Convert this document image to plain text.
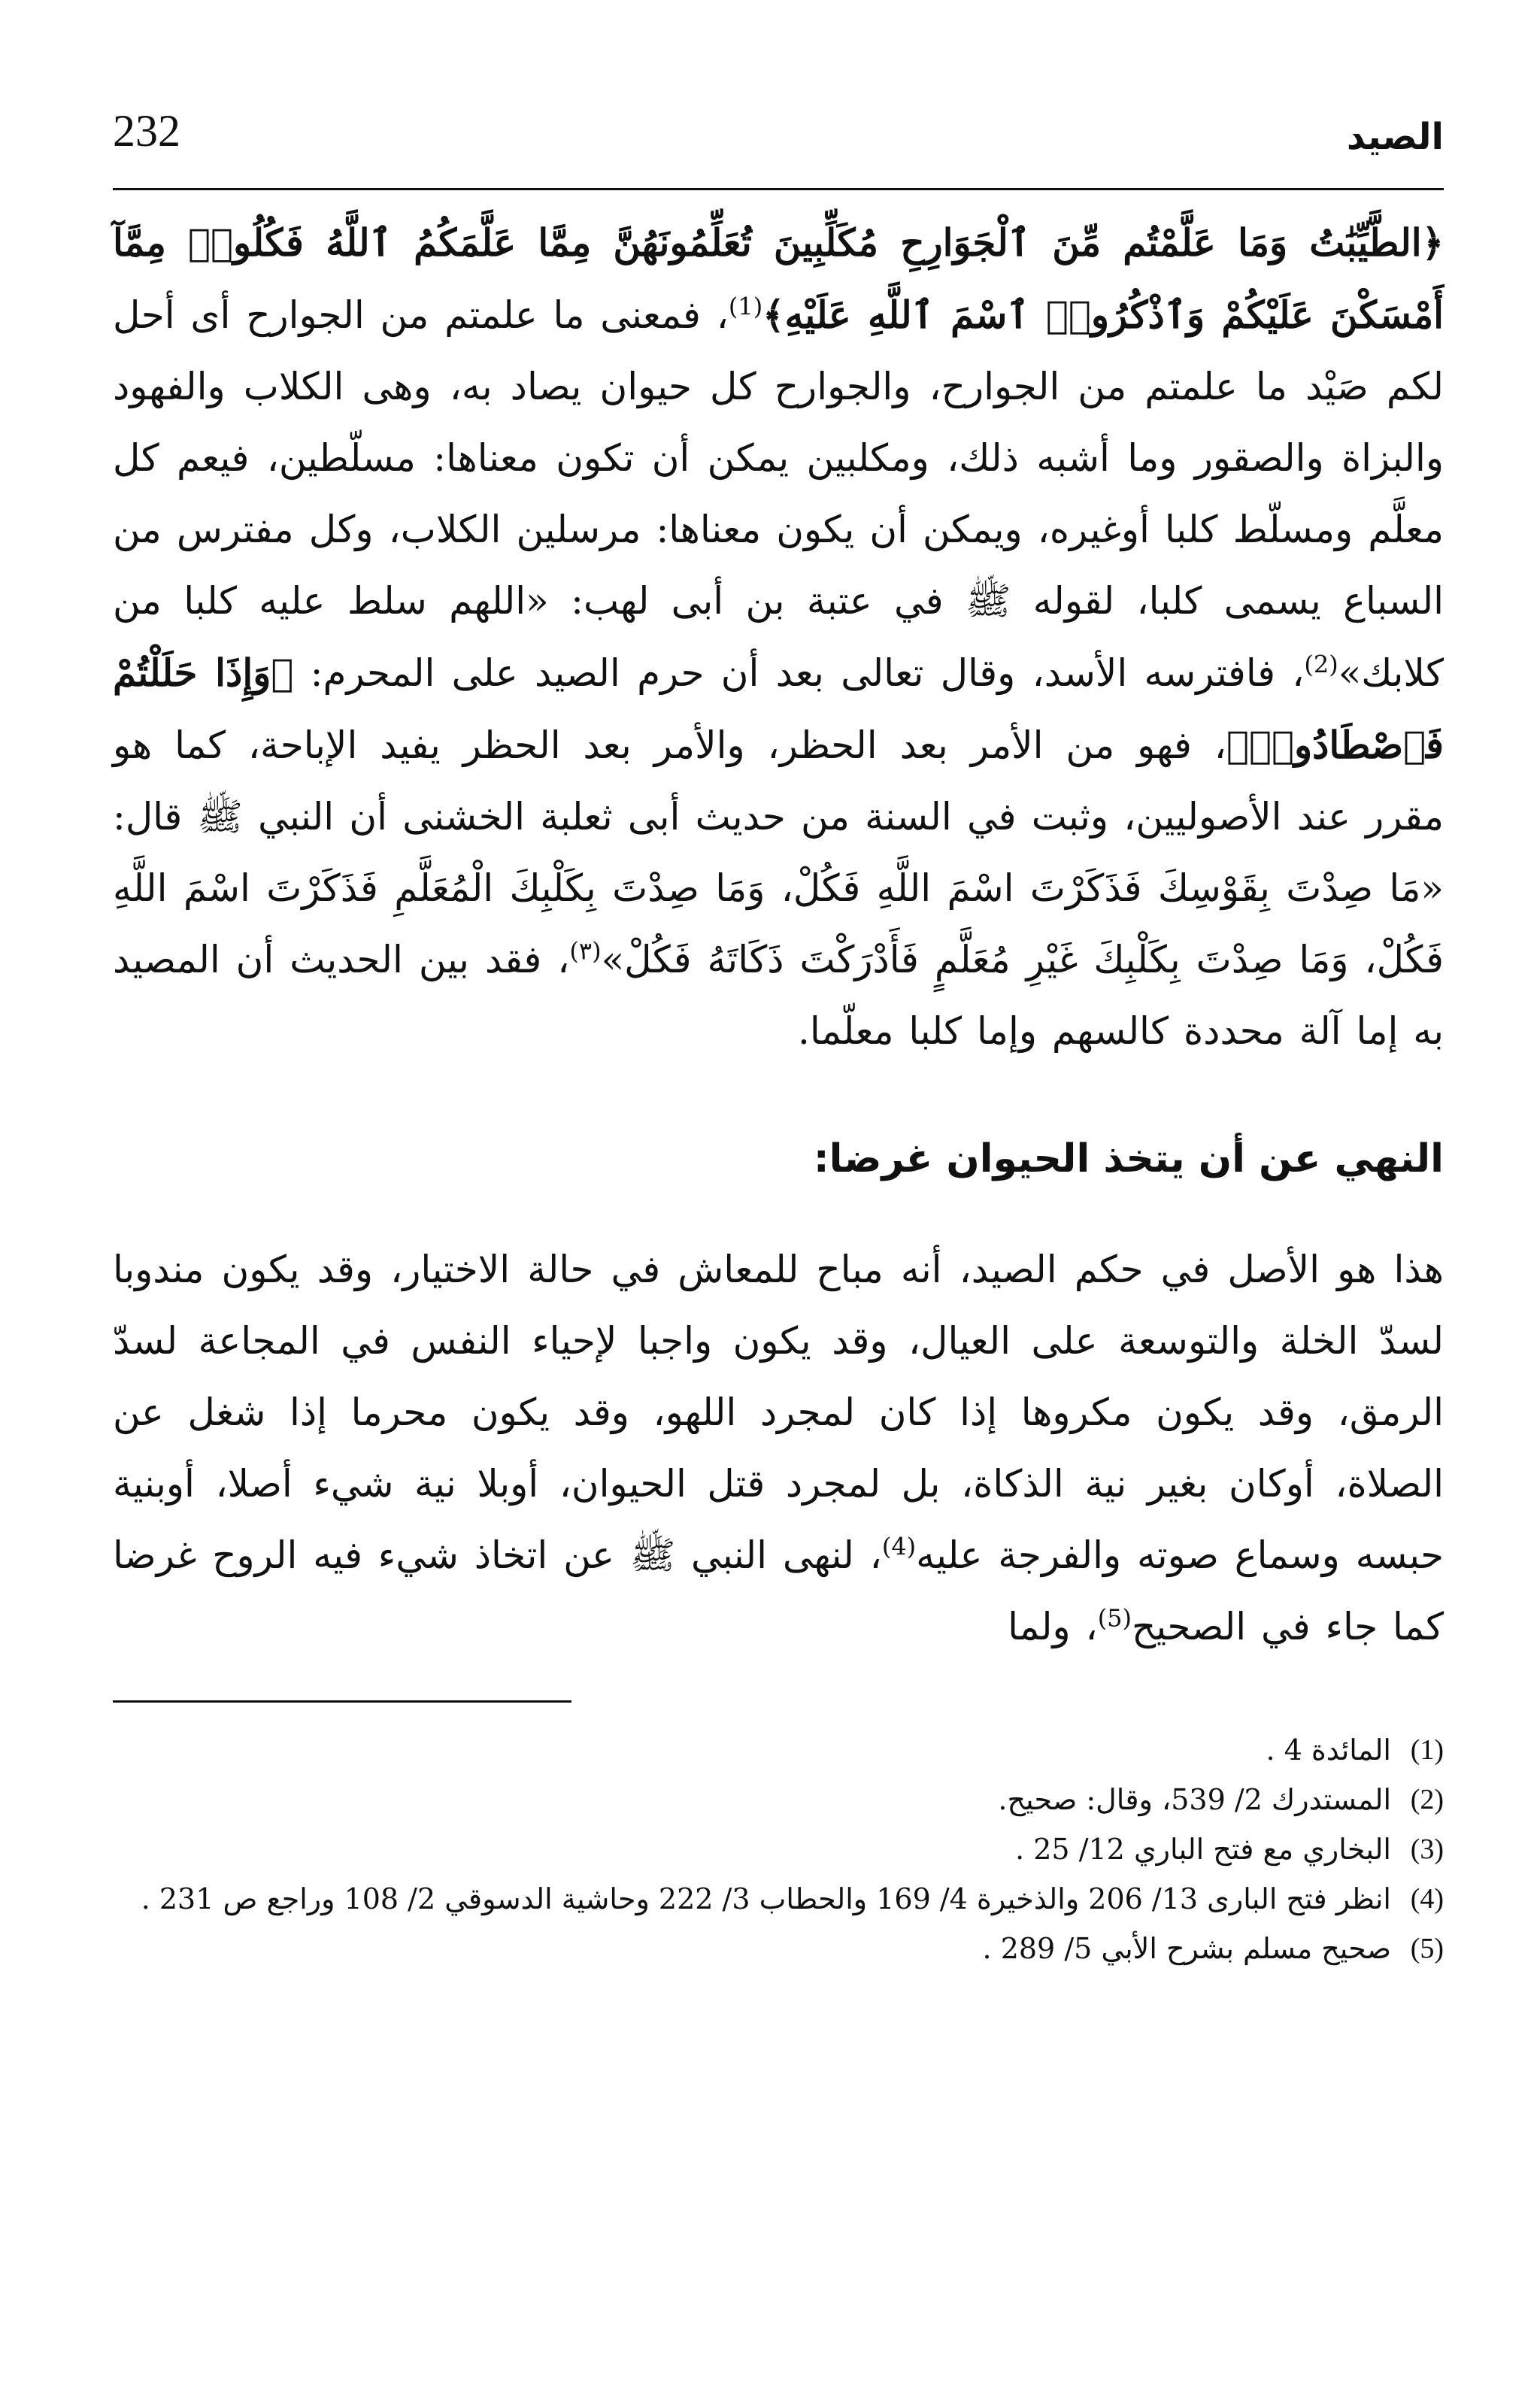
الصيد
232

﴿الطَّيِّبَٰتُ وَمَا عَلَّمْتُم مِّنَ ٱلْجَوَارِحِ مُكَلِّبِينَ تُعَلِّمُونَهُنَّ مِمَّا عَلَّمَكُمُ ٱللَّهُ فَكُلُوا۟ مِمَّآ أَمْسَكْنَ عَلَيْكُمْ وَٱذْكُرُوا۟ ٱسْمَ ٱللَّهِ عَلَيْهِ﴾$^{(1)}$، فمعنى ما علمتم من الجوارح أى أحل لكم صَيْد ما علمتم من الجوارح، والجوارح كل حيوان يصاد به، وهى الكلاب والفهود والبزاة والصقور وما أشبه ذلك، ومكلبين يمكن أن تكون معناها: مسلّطين، فيعم كل معلَّم ومسلّط كلبا أوغيره، ويمكن أن يكون معناها: مرسلين الكلاب، وكل مفترس من السباع يسمى كلبا، لقوله ﷺ في عتبة بن أبى لهب: «اللهم سلط عليه كلبا من كلابك»$^{(2)}$، فافترسه الأسد، وقال تعالى بعد أن حرم الصيد على المحرم: ﴿وَإِذَا حَلَلْتُمْ فَٱصْطَادُوا۟﴾، فهو من الأمر بعد الحظر، والأمر بعد الحظر يفيد الإباحة، كما هو مقرر عند الأصوليين، وثبت في السنة من حديث أبى ثعلبة الخشنى أن النبي ﷺ قال: «مَا صِدْتَ بِقَوْسِكَ فَذَكَرْتَ اسْمَ اللَّهِ فَكُلْ، وَمَا صِدْتَ بِكَلْبِكَ الْمُعَلَّمِ فَذَكَرْتَ اسْمَ اللَّهِ فَكُلْ، وَمَا صِدْتَ بِكَلْبِكَ غَيْرِ مُعَلَّمٍ فَأَدْرَكْتَ ذَكَاتَهُ فَكُلْ»$^{(٣)}$، فقد بين الحديث أن المصيد به إما آلة محددة كالسهم وإما كلبا معلّما.

النهي عن أن يتخذ الحيوان غرضا:

هذا هو الأصل في حكم الصيد، أنه مباح للمعاش في حالة الاختيار، وقد يكون مندوبا لسدّ الخلة والتوسعة على العيال، وقد يكون واجبا لإحياء النفس في المجاعة لسدّ الرمق، وقد يكون مكروها إذا كان لمجرد اللهو، وقد يكون محرما إذا شغل عن الصلاة، أوكان بغير نية الذكاة، بل لمجرد قتل الحيوان، أوبلا نية شيء أصلا، أوبنية حبسه وسماع صوته والفرجة عليه$^{(4)}$، لنهى النبي ﷺ عن اتخاذ شيء فيه الروح غرضا كما جاء في الصحيح$^{(5)}$، ولما

(1)
المائدة 4 .
(2)
المستدرك 2/ 539، وقال: صحيح.
(3)
البخاري مع فتح الباري 12/ 25 .
(4)
انظر فتح البارى 13/ 206 والذخيرة 4/ 169 والحطاب 3/ 222 وحاشية الدسوقي 2/ 108 وراجع ص 231 .
(5)
صحيح مسلم بشرح الأبي 5/ 289 .
